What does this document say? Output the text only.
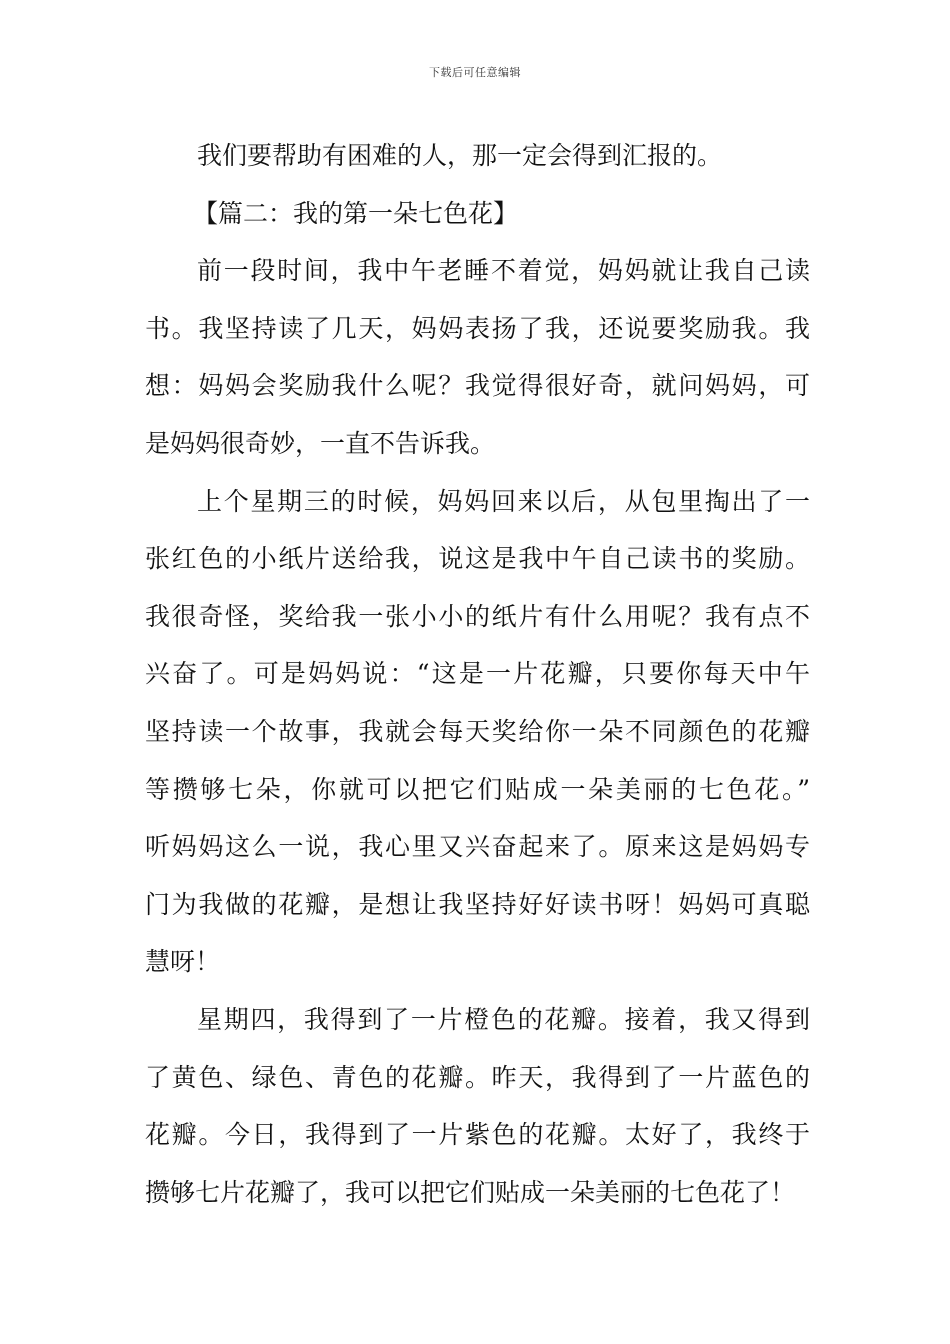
下载后可任意编辑
我们要帮助有困难的人，那一定会得到汇报的。
【篇二：我的第一朵七色花】
前一段时间，我中午老睡不着觉，妈妈就让我自己读
书。我坚持读了几天，妈妈表扬了我，还说要奖励我。我
想：妈妈会奖励我什么呢？我觉得很好奇，就问妈妈，可
是妈妈很奇妙，一直不告诉我。
上个星期三的时候，妈妈回来以后，从包里掏出了一
张红色的小纸片送给我，说这是我中午自己读书的奖励。
我很奇怪，奖给我一张小小的纸片有什么用呢？我有点不
兴奋了。可是妈妈说：“这是一片花瓣，只要你每天中午
坚持读一个故事，我就会每天奖给你一朵不同颜色的花瓣
等攒够七朵，你就可以把它们贴成一朵美丽的七色花。”
听妈妈这么一说，我心里又兴奋起来了。原来这是妈妈专
门为我做的花瓣，是想让我坚持好好读书呀！妈妈可真聪
慧呀！
星期四，我得到了一片橙色的花瓣。接着，我又得到
了黄色、绿色、青色的花瓣。昨天，我得到了一片蓝色的
花瓣。今日，我得到了一片紫色的花瓣。太好了，我终于
攒够七片花瓣了，我可以把它们贴成一朵美丽的七色花了！
